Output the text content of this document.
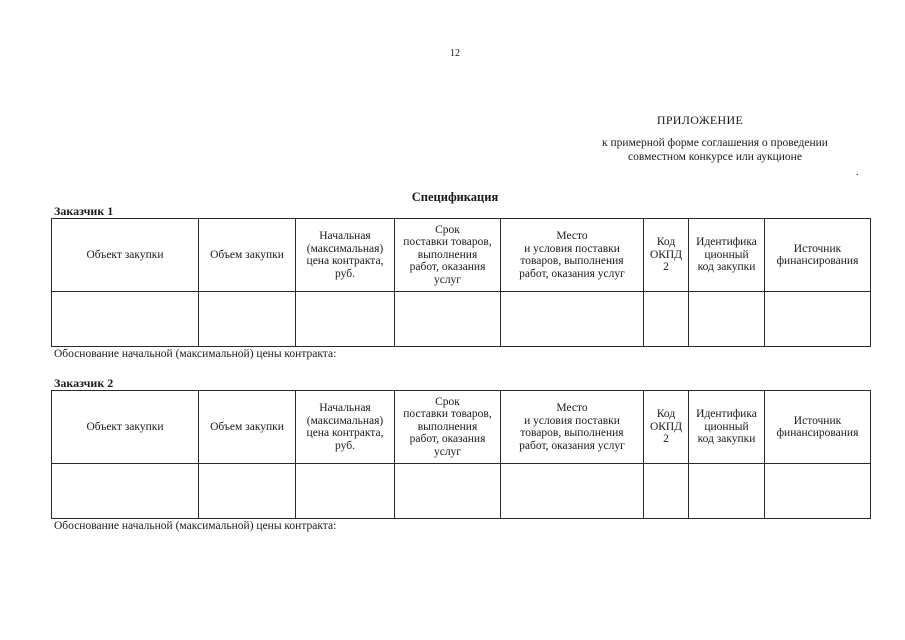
12
ПРИЛОЖЕНИЕ
к примерной форме соглашения о проведении
совместном конкурсе или аукционе
.
Спецификация
Заказчик 1
Объект закупки	Объем закупки	Начальная
(максимальная)
цена контракта,
руб.	Срок
поставки товаров,
выполнения
работ, оказания
услуг	Место
и условия поставки
товаров, выполнения
работ, оказания услуг	Код
ОКПД
2	Идентифика
ционный
код закупки	Источник
финансирования

Обоснование начальной (максимальной) цены контракта:
Заказчик 2
Объект закупки	Объем закупки	Начальная
(максимальная)
цена контракта,
руб.	Срок
поставки товаров,
выполнения
работ, оказания
услуг	Место
и условия поставки
товаров, выполнения
работ, оказания услуг	Код
ОКПД
2	Идентифика
ционный
код закупки	Источник
финансирования

Обоснование начальной (максимальной) цены контракта:
